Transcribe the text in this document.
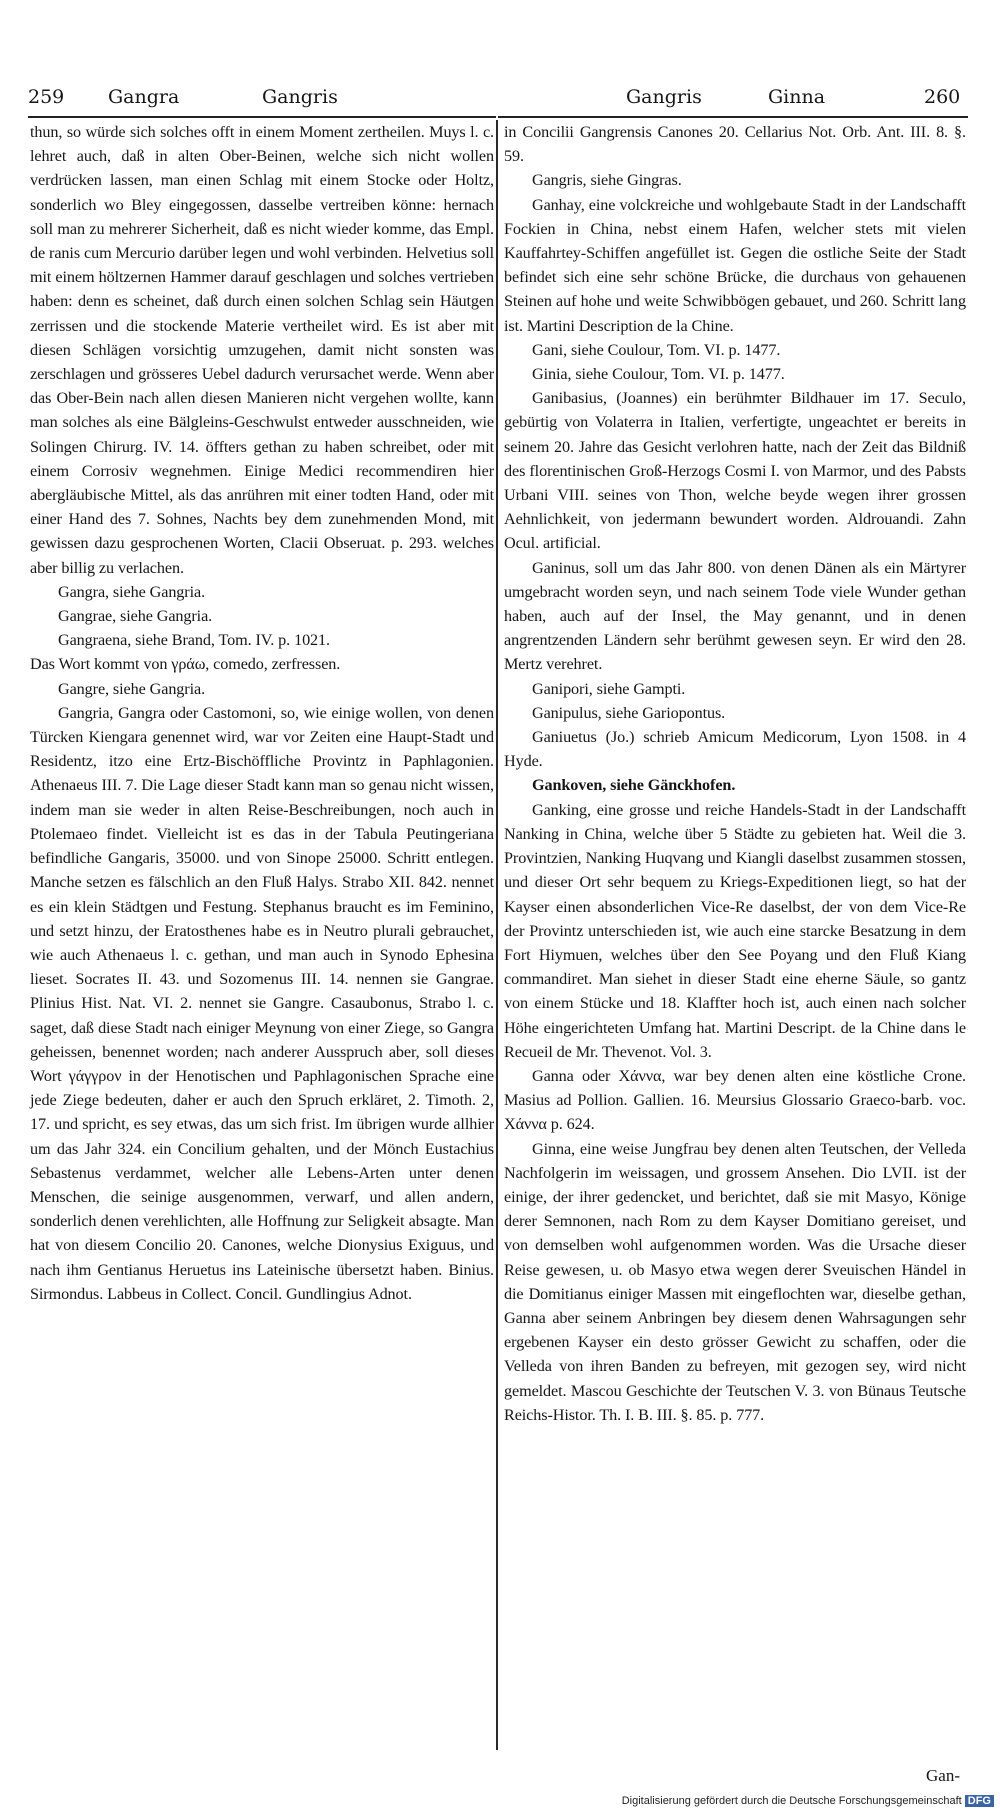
259 Gangra	Gangris	Gangris	Ginna	260

thun, so würde sich solches offt in einem Moment zertheilen. Muys l. c. lehret auch, daß in alten Ober-Beinen, welche sich nicht wollen verdrücken lassen, man einen Schlag mit einem Stocke oder Holtz, sonderlich wo Bley eingegossen, dasselbe vertreiben könne: hernach soll man zu mehrerer Sicherheit, daß es nicht wieder komme, das Empl. de ranis cum Mercurio darüber legen und wohl verbinden. Helvetius soll mit einem höltzernen Hammer darauf geschlagen und solches vertrieben haben: denn es scheinet, daß durch einen solchen Schlag sein Häutgen zerrissen und die stockende Materie vertheilet wird. Es ist aber mit diesen Schlägen vorsichtig umzugehen, damit nicht sonsten was zerschlagen und grösseres Uebel dadurch verursachet werde. Wenn aber das Ober-Bein nach allen diesen Manieren nicht vergehen wollte, kann man solches als eine Bälgleins-Geschwulst entweder ausschneiden, wie Solingen Chirurg. IV. 14. öffters gethan zu haben schreibet, oder mit einem Corrosiv wegnehmen. Einige Medici recommendiren hier abergläubische Mittel, als das anrühren mit einer todten Hand, oder mit einer Hand des 7. Sohnes, Nachts bey dem zunehmenden Mond, mit gewissen dazu gesprochenen Worten, Clacii Obseruat. p. 293. welches aber billig zu verlachen.

Gangra, siehe Gangria.

Gangrae, siehe Gangria.

Gangraena, siehe Brand, Tom. IV. p. 1021.

Das Wort kommt von γράω, comedo, zerfressen.

Gangre, siehe Gangria.

Gangria, Gangra oder Castomoni, so, wie einige wollen, von denen Türcken Kiengara genennet wird, war vor Zeiten eine Haupt-Stadt und Residentz, itzo eine Ertz-Bischöffliche Provintz in Paphlagonien. Athenaeus III. 7. Die Lage dieser Stadt kann man so genau nicht wissen, indem man sie weder in alten Reise-Beschreibungen, noch auch in Ptolemaeo findet. Vielleicht ist es das in der Tabula Peutingeriana befindliche Gangaris, 35000. und von Sinope 25000. Schritt entlegen. Manche setzen es fälschlich an den Fluß Halys. Strabo XII. 842. nennet es ein klein Städtgen und Festung. Stephanus braucht es im Feminino, und setzt hinzu, der Eratosthenes habe es in Neutro plurali gebrauchet, wie auch Athenaeus l. c. gethan, und man auch in Synodo Ephesina lieset. Socrates II. 43. und Sozomenus III. 14. nennen sie Gangrae. Plinius Hist. Nat. VI. 2. nennet sie Gangre. Casaubonus, Strabo l. c. saget, daß diese Stadt nach einiger Meynung von einer Ziege, so Gangra geheissen, benennet worden; nach anderer Ausspruch aber, soll dieses Wort γάγγρον in der Henotischen und Paphlagonischen Sprache eine jede Ziege bedeuten, daher er auch den Spruch erkläret, 2. Timoth. 2, 17. und spricht, es sey etwas, das um sich frist. Im übrigen wurde allhier um das Jahr 324. ein Concilium gehalten, und der Mönch Eustachius Sebastenus verdammet, welcher alle Lebens-Arten unter denen Menschen, die seinige ausgenommen, verwarf, und allen andern, sonderlich denen verehlichten, alle Hoffnung zur Seligkeit absagte. Man hat von diesem Concilio 20. Canones, welche Dionysius Exiguus, und nach ihm Gentianus Heruetus ins Lateinische übersetzt haben. Binius. Sirmondus. Labbeus in Collect. Concil. Gundlingius Adnot.

in Concilii Gangrensis Canones 20. Cellarius Not. Orb. Ant. III. 8. §. 59.

Gangris, siehe Gingras.

Ganhay, eine volckreiche und wohlgebaute Stadt in der Landschafft Fockien in China, nebst einem Hafen, welcher stets mit vielen Kauffahrtey-Schiffen angefüllet ist. Gegen die ostliche Seite der Stadt befindet sich eine sehr schöne Brücke, die durchaus von gehauenen Steinen auf hohe und weite Schwibbögen gebauet, und 260. Schritt lang ist. Martini Description de la Chine.

Gani, siehe Coulour, Tom. VI. p. 1477.

Ginia, siehe Coulour, Tom. VI. p. 1477.

Ganibasius, (Joannes) ein berühmter Bildhauer im 17. Seculo, gebürtig von Volaterra in Italien, verfertigte, ungeachtet er bereits in seinem 20. Jahre das Gesicht verlohren hatte, nach der Zeit das Bildniß des florentinischen Groß-Herzogs Cosmi I. von Marmor, und des Pabsts Urbani VIII. seines von Thon, welche beyde wegen ihrer grossen Aehnlichkeit, von jedermann bewundert worden. Aldrouandi. Zahn Ocul. artificial.

Ganinus, soll um das Jahr 800. von denen Dänen als ein Märtyrer umgebracht worden seyn, und nach seinem Tode viele Wunder gethan haben, auch auf der Insel, the May genannt, und in denen angrentzenden Ländern sehr berühmt gewesen seyn. Er wird den 28. Mertz verehret.

Ganipori, siehe Gampti.

Ganipulus, siehe Gariopontus.

Ganiuetus (Jo.) schrieb Amicum Medicorum, Lyon 1508. in 4 Hyde.

Gankoven, siehe Gänckhofen.

Ganking, eine grosse und reiche Handels-Stadt in der Landschafft Nanking in China, welche über 5 Städte zu gebieten hat. Weil die 3. Provintzien, Nanking Huqvang und Kiangli daselbst zusammen stossen, und dieser Ort sehr bequem zu Kriegs-Expeditionen liegt, so hat der Kayser einen absonderlichen Vice-Re daselbst, der von dem Vice-Re der Provintz unterschieden ist, wie auch eine starcke Besatzung in dem Fort Hiymuen, welches über den See Poyang und den Fluß Kiang commandiret. Man siehet in dieser Stadt eine eherne Säule, so gantz von einem Stücke und 18. Klaffter hoch ist, auch einen nach solcher Höhe eingerichteten Umfang hat. Martini Descript. de la Chine dans le Recueil de Mr. Thevenot. Vol. 3.

Ganna oder Χάννα, war bey denen alten eine köstliche Crone. Masius ad Pollion. Gallien. 16. Meursius Glossario Graeco-barb. voc. Χάννα p. 624.

Ginna, eine weise Jungfrau bey denen alten Teutschen, der Velleda Nachfolgerin im weissagen, und grossem Ansehen. Dio LVII. ist der einige, der ihrer gedencket, und berichtet, daß sie mit Masyo, Könige derer Semnonen, nach Rom zu dem Kayser Domitiano gereiset, und von demselben wohl aufgenommen worden. Was die Ursache dieser Reise gewesen, u. ob Masyo etwa wegen derer Sveuischen Händel in die Domitianus einiger Massen mit eingeflochten war, dieselbe gethan, Ganna aber seinem Anbringen bey diesem denen Wahrsagungen sehr ergebenen Kayser ein desto grösser Gewicht zu schaffen, oder die Velleda von ihren Banden zu befreyen, mit gezogen sey, wird nicht gemeldet. Mascou Geschichte der Teutschen V. 3. von Bünaus Teutsche Reichs-Histor. Th. I. B. III. §. 85. p. 777.

Gan-
Digitalisierung gefördert durch die Deutsche Forschungsgemeinschaft DFG
